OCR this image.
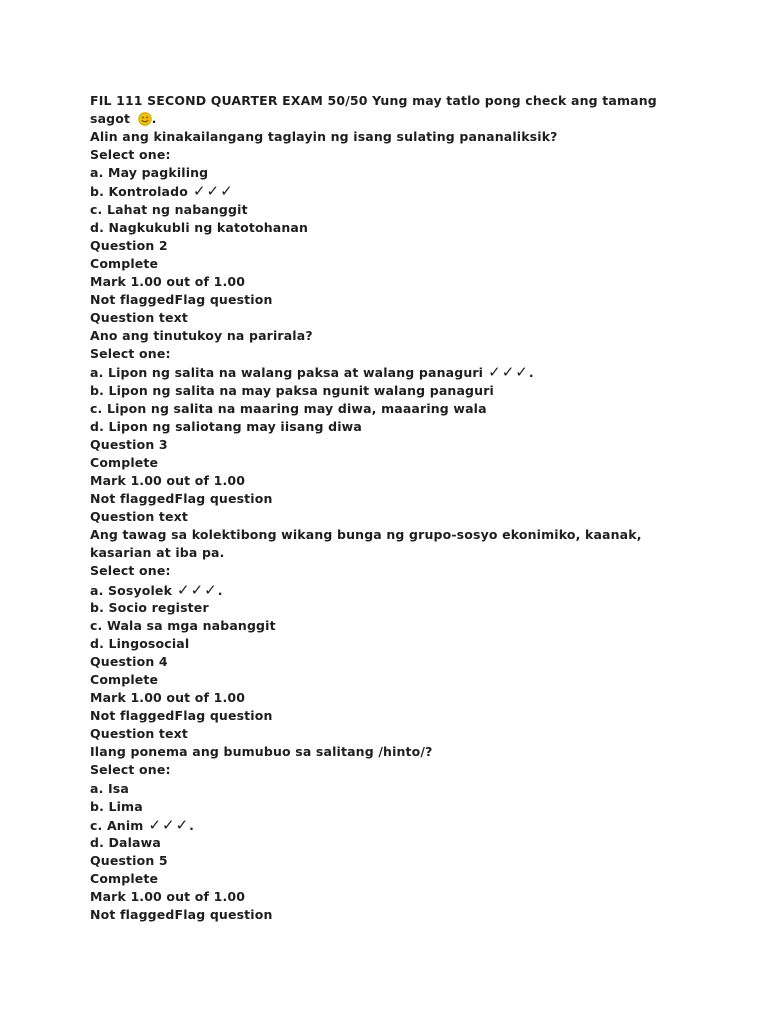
FIL 111 SECOND QUARTER EXAM 50/50 Yung may tatlo pong check ang tamang
sagot .
Alin ang kinakailangang taglayin ng isang sulating pananaliksik?
Select one:
a. May pagkiling
b. Kontrolado ✓✓✓
c. Lahat ng nabanggit
d. Nagkukubli ng katotohanan
Question 2
Complete
Mark 1.00 out of 1.00
Not flaggedFlag question
Question text
Ano ang tinutukoy na parirala?
Select one:
a. Lipon ng salita na walang paksa at walang panaguri ✓✓✓.
b. Lipon ng salita na may paksa ngunit walang panaguri
c. Lipon ng salita na maaring may diwa, maaaring wala
d. Lipon ng saliotang may iisang diwa
Question 3
Complete
Mark 1.00 out of 1.00
Not flaggedFlag question
Question text
Ang tawag sa kolektibong wikang bunga ng grupo-sosyo ekonimiko, kaanak,
kasarian at iba pa.
Select one:
a. Sosyolek ✓✓✓.
b. Socio register
c. Wala sa mga nabanggit
d. Lingosocial
Question 4
Complete
Mark 1.00 out of 1.00
Not flaggedFlag question
Question text
Ilang ponema ang bumubuo sa salitang /hinto/?
Select one:
a. Isa
b. Lima
c. Anim ✓✓✓.
d. Dalawa
Question 5
Complete
Mark 1.00 out of 1.00
Not flaggedFlag question
